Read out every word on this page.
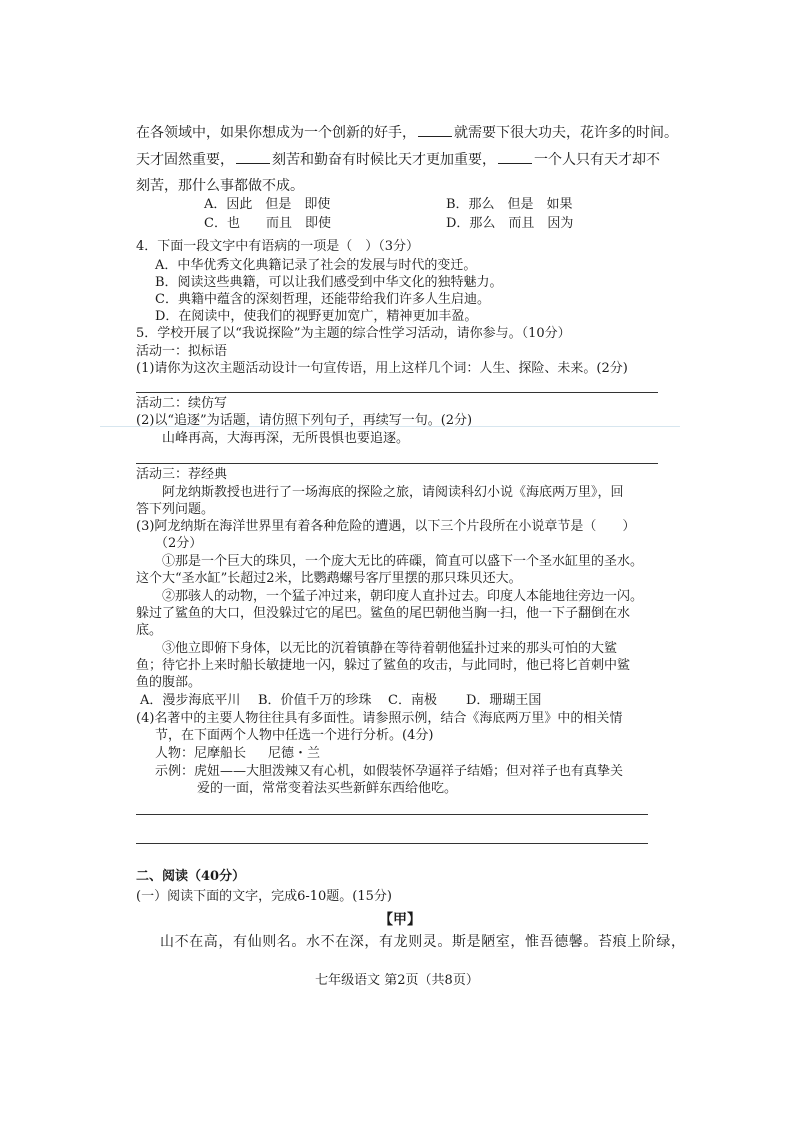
在各领域中，如果你想成为一个创新的好手，	就需要下很大功夫，花许多的时间。
天才固然重要，	刻苦和勤奋有时候比天才更加重要，	一个人只有天才却不
刻苦，那什么事都做不成。
A．因此　但是　即使	B．那么　但是　如果
C．也　　而且　即使	D．那么　而且　因为
4．下面一段文字中有语病的一项是（　）（3分）
A．中华优秀文化典籍记录了社会的发展与时代的变迁。
B．阅读这些典籍，可以让我们感受到中华文化的独特魅力。
C．典籍中蕴含的深刻哲理，还能带给我们许多人生启迪。
D．在阅读中，使我们的视野更加宽广，精神更加丰盈。
5．学校开展了以“我说探险”为主题的综合性学习活动，请你参与。（10分）
活动一：拟标语
(1)请你为这次主题活动设计一句宣传语，用上这样几个词：人生、探险、未来。(2分)
活动二：续仿写
(2)以“追逐”为话题，请仿照下列句子，再续写一句。(2分)
山峰再高，大海再深，无所畏惧也要追逐。
活动三：荐经典
阿龙纳斯教授也进行了一场海底的探险之旅，请阅读科幻小说《海底两万里》，回
答下列问题。
(3)阿龙纳斯在海洋世界里有着各种危险的遭遇，以下三个片段所在小说章节是（　　）
（2分）
①那是一个巨大的珠贝，一个庞大无比的砗磲，简直可以盛下一个圣水缸里的圣水。
这个大“圣水缸”长超过2米，比鹦鹉螺号客厅里摆的那只珠贝还大。
②那骇人的动物，一个猛子冲过来，朝印度人直扑过去。印度人本能地往旁边一闪。
躲过了鲨鱼的大口，但没躲过它的尾巴。鲨鱼的尾巴朝他当胸一扫，他一下子翻倒在水
底。
③他立即俯下身体，以无比的沉着镇静在等待着朝他猛扑过来的那头可怕的大鲨
鱼；待它扑上来时船长敏捷地一闪，躲过了鲨鱼的攻击，与此同时，他已将匕首刺中鲨
鱼的腹部。
A．漫步海底平川 B．价值千万的珍珠 C．南极 D．珊瑚王国
(4)名著中的主要人物往往具有多面性。请参照示例，结合《海底两万里》中的相关情
节，在下面两个人物中任选一个进行分析。(4分)
人物：尼摩船长 尼德・兰
示例：虎妞——大胆泼辣又有心机，如假装怀孕逼祥子结婚；但对祥子也有真挚关
爱的一面，常常变着法买些新鲜东西给他吃。
二、阅读（40分）
(一）阅读下面的文字，完成6-10题。(15分)
【甲】
山不在高，有仙则名。水不在深，有龙则灵。斯是陋室，惟吾德馨。苔痕上阶绿，
七年级语文 第2页（共8页）
